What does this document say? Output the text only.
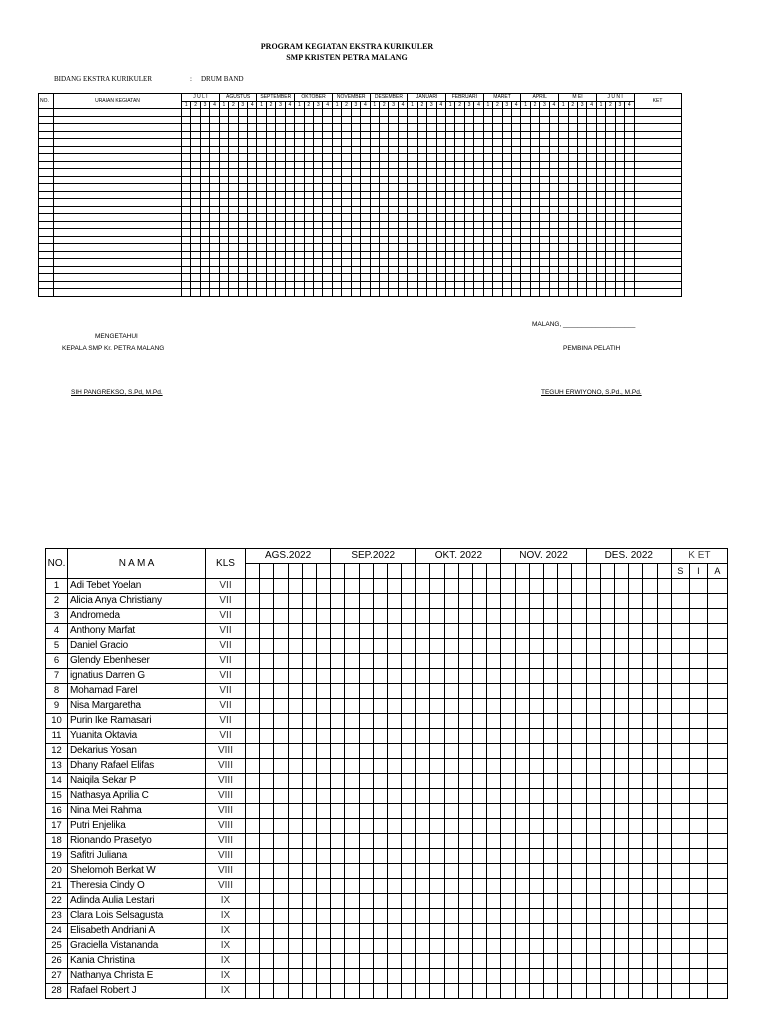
PROGRAM KEGIATAN EKSTRA KURIKULER
SMP KRISTEN PETRA MALANG
BIDANG EKSTRA KURIKULER	: DRUM BAND
NO.	URAIAN KEGIATAN	J U L I				AGUSTUS				SEPTEMBER				OKTOBER				NOVEMBER				DESEMBER				JANUARI				FEBRUARI				MARET				APRIL				M EI				J U N I				KET
		1	2	3	4	1	2	3	4	1	2	3	4	1	2	3	4	1	2	3	4	1	2	3	4	1	2	3	4	1	2	3	4	1	2	3	4	1	2	3	4	1	2	3	4	1	2	3	4	

MALANG, ____________________
MENGETAHUI
KEPALA SMP Kr. PETRA MALANG	PEMBINA PELATIH
SIH PANGREKSO, S.Pd, M.Pd.	TEGUH ERWIYONO, S.Pd., M.Pd.
NO.	N A M A	KLS	AGS.2022						SEP.2022						OKT. 2022						NOV. 2022						DES. 2022						K ET		
																																	S	I	A
1	Adi Tebet Yoelan	VII																																	
2	Alicia Anya Christiany	VII																																	
3	Andromeda	VII																																	
4	Anthony Marfat	VII																																	
5	Daniel Gracio	VII																																	
6	Glendy Ebenheser	VII																																	
7	ignatius Darren G	VII																																	
8	Mohamad Farel	VII																																	
9	Nisa Margaretha	VII																																	
10	Purin Ike Ramasari	VII																																	
11	Yuanita Oktavia	VII																																	
12	Dekarius Yosan	VIII																																	
13	Dhany Rafael Elifas	VIII																																	
14	Naiqila Sekar P	VIII																																	
15	Nathasya Aprilia C	VIII																																	
16	Nina Mei Rahma	VIII																																	
17	Putri Enjelika	VIII																																	
18	Rionando Prasetyo	VIII																																	
19	Safitri Juliana	VIII																																	
20	Shelomoh Berkat W	VIII																																	
21	Theresia Cindy O	VIII																																	
22	Adinda Aulia Lestari	IX																																	
23	Clara Lois Selsagusta	IX																																	
24	Elisabeth Andriani A	IX																																	
25	Graciella Vistananda	IX																																	
26	Kania Christina	IX																																	
27	Nathanya Christa E	IX																																	
28	Rafael Robert J	IX																																	
